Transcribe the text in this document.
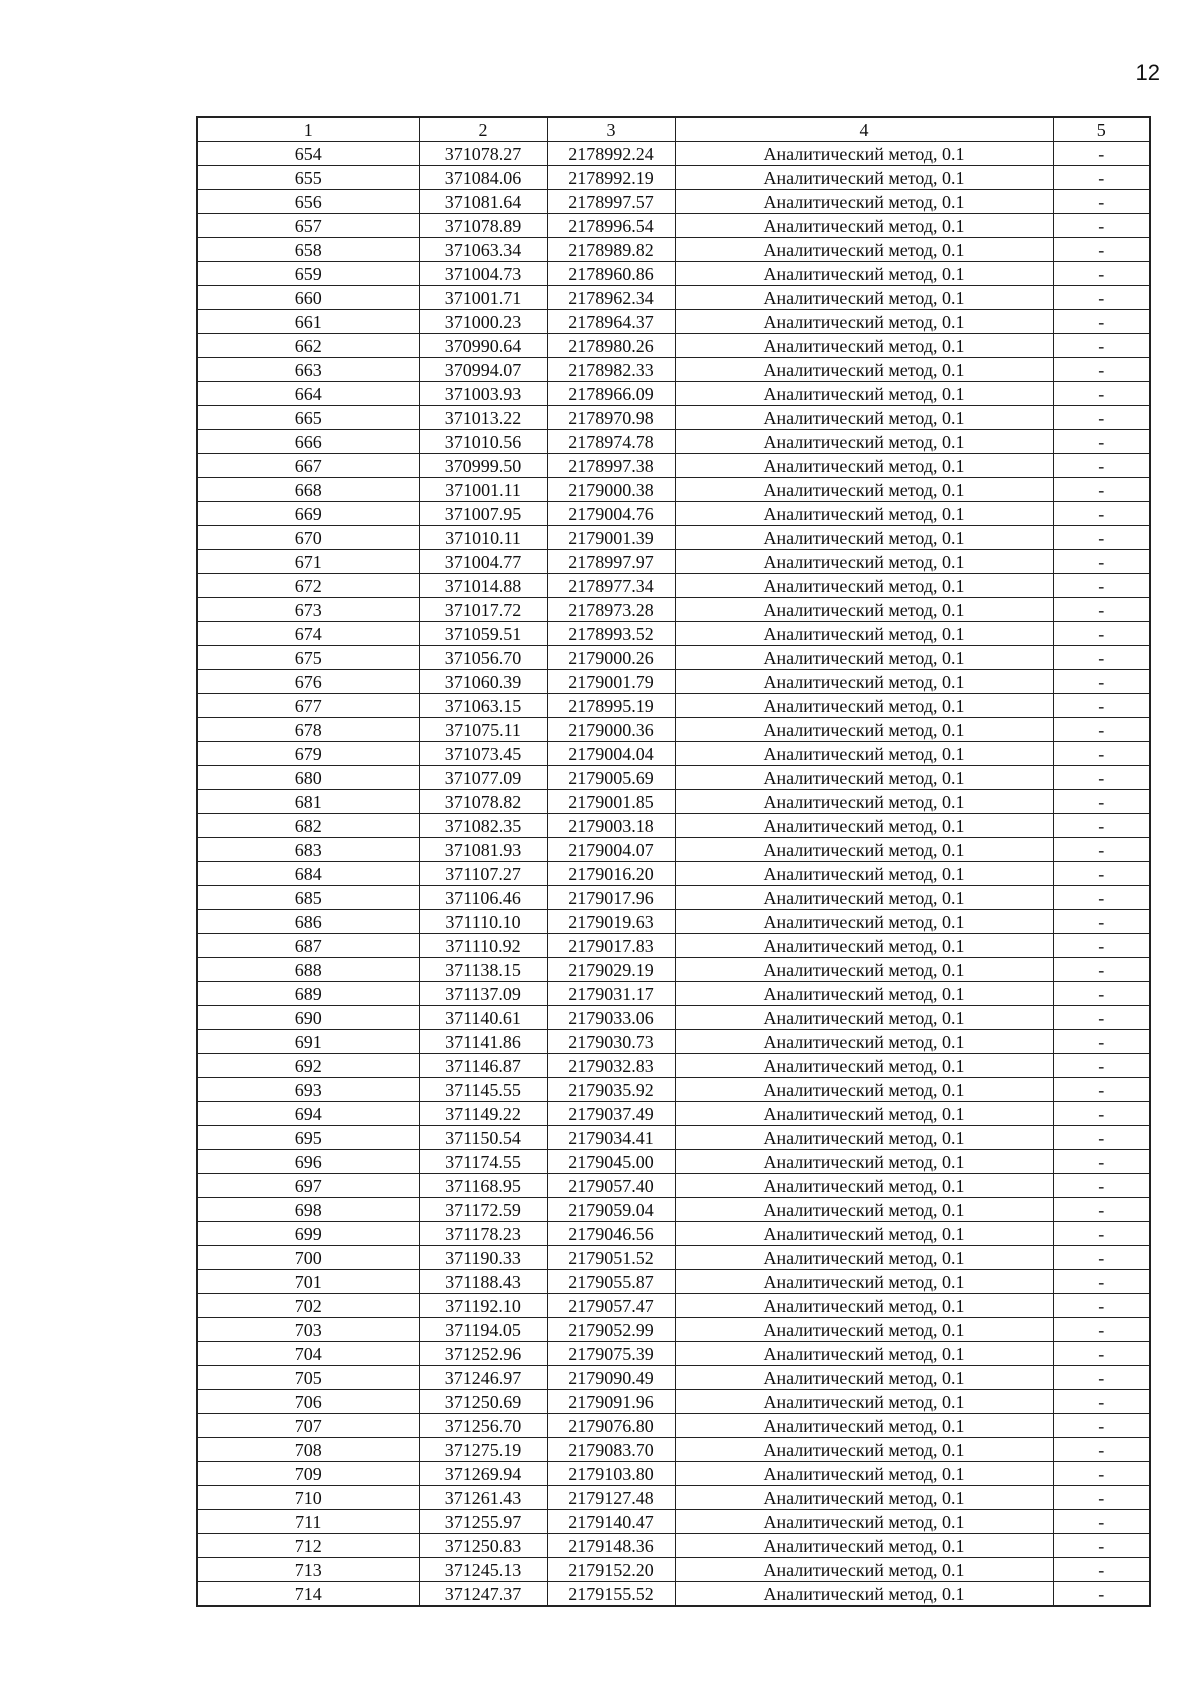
12
1	2	3	4	5
654	371078.27	2178992.24	Аналитический метод, 0.1	-
655	371084.06	2178992.19	Аналитический метод, 0.1	-
656	371081.64	2178997.57	Аналитический метод, 0.1	-
657	371078.89	2178996.54	Аналитический метод, 0.1	-
658	371063.34	2178989.82	Аналитический метод, 0.1	-
659	371004.73	2178960.86	Аналитический метод, 0.1	-
660	371001.71	2178962.34	Аналитический метод, 0.1	-
661	371000.23	2178964.37	Аналитический метод, 0.1	-
662	370990.64	2178980.26	Аналитический метод, 0.1	-
663	370994.07	2178982.33	Аналитический метод, 0.1	-
664	371003.93	2178966.09	Аналитический метод, 0.1	-
665	371013.22	2178970.98	Аналитический метод, 0.1	-
666	371010.56	2178974.78	Аналитический метод, 0.1	-
667	370999.50	2178997.38	Аналитический метод, 0.1	-
668	371001.11	2179000.38	Аналитический метод, 0.1	-
669	371007.95	2179004.76	Аналитический метод, 0.1	-
670	371010.11	2179001.39	Аналитический метод, 0.1	-
671	371004.77	2178997.97	Аналитический метод, 0.1	-
672	371014.88	2178977.34	Аналитический метод, 0.1	-
673	371017.72	2178973.28	Аналитический метод, 0.1	-
674	371059.51	2178993.52	Аналитический метод, 0.1	-
675	371056.70	2179000.26	Аналитический метод, 0.1	-
676	371060.39	2179001.79	Аналитический метод, 0.1	-
677	371063.15	2178995.19	Аналитический метод, 0.1	-
678	371075.11	2179000.36	Аналитический метод, 0.1	-
679	371073.45	2179004.04	Аналитический метод, 0.1	-
680	371077.09	2179005.69	Аналитический метод, 0.1	-
681	371078.82	2179001.85	Аналитический метод, 0.1	-
682	371082.35	2179003.18	Аналитический метод, 0.1	-
683	371081.93	2179004.07	Аналитический метод, 0.1	-
684	371107.27	2179016.20	Аналитический метод, 0.1	-
685	371106.46	2179017.96	Аналитический метод, 0.1	-
686	371110.10	2179019.63	Аналитический метод, 0.1	-
687	371110.92	2179017.83	Аналитический метод, 0.1	-
688	371138.15	2179029.19	Аналитический метод, 0.1	-
689	371137.09	2179031.17	Аналитический метод, 0.1	-
690	371140.61	2179033.06	Аналитический метод, 0.1	-
691	371141.86	2179030.73	Аналитический метод, 0.1	-
692	371146.87	2179032.83	Аналитический метод, 0.1	-
693	371145.55	2179035.92	Аналитический метод, 0.1	-
694	371149.22	2179037.49	Аналитический метод, 0.1	-
695	371150.54	2179034.41	Аналитический метод, 0.1	-
696	371174.55	2179045.00	Аналитический метод, 0.1	-
697	371168.95	2179057.40	Аналитический метод, 0.1	-
698	371172.59	2179059.04	Аналитический метод, 0.1	-
699	371178.23	2179046.56	Аналитический метод, 0.1	-
700	371190.33	2179051.52	Аналитический метод, 0.1	-
701	371188.43	2179055.87	Аналитический метод, 0.1	-
702	371192.10	2179057.47	Аналитический метод, 0.1	-
703	371194.05	2179052.99	Аналитический метод, 0.1	-
704	371252.96	2179075.39	Аналитический метод, 0.1	-
705	371246.97	2179090.49	Аналитический метод, 0.1	-
706	371250.69	2179091.96	Аналитический метод, 0.1	-
707	371256.70	2179076.80	Аналитический метод, 0.1	-
708	371275.19	2179083.70	Аналитический метод, 0.1	-
709	371269.94	2179103.80	Аналитический метод, 0.1	-
710	371261.43	2179127.48	Аналитический метод, 0.1	-
711	371255.97	2179140.47	Аналитический метод, 0.1	-
712	371250.83	2179148.36	Аналитический метод, 0.1	-
713	371245.13	2179152.20	Аналитический метод, 0.1	-
714	371247.37	2179155.52	Аналитический метод, 0.1	-
